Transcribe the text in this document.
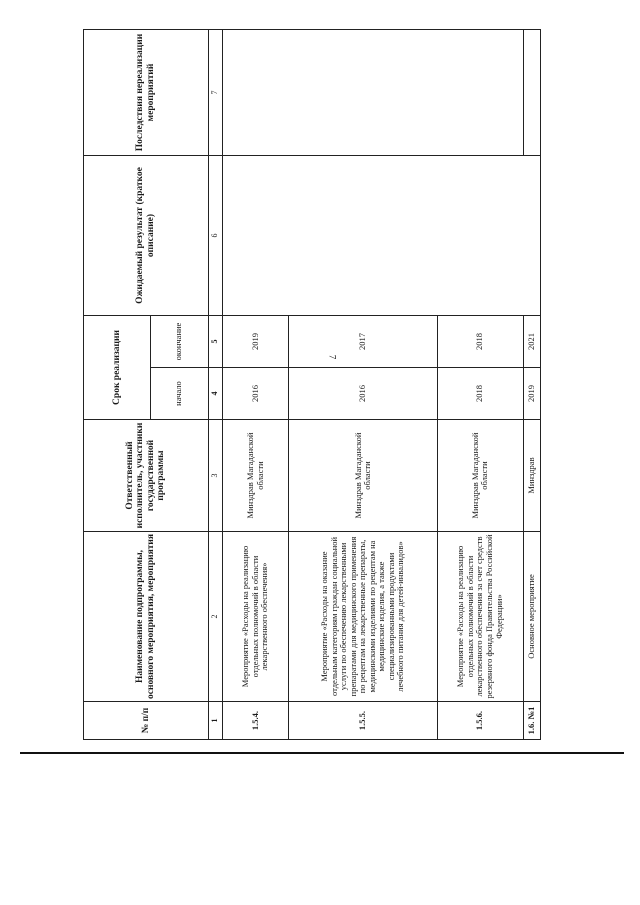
7
№ п/п	Наименование подпрограммы, основного мероприятия, мероприятия	Ответственный исполнитель, участники государственной программы	Срок реализации		Ожидаемый результат (краткое описание)	Последствия нереализации мероприятий
			начало	окончание		
1	2	3	4	5	6	7
1.5.4.	Мероприятие «Расходы на реализацию отдельных полномочий в области лекарственного обеспечения»	Минздрав Магаданской области	2016	2019		
1.5.5.	Мероприятие «Расходы на оказание отдельным категориям граждан социальной услуги по обеспечению лекарственными препаратами для медицинского применения по рецептам на лекарственные препараты, медицинскими изделиями по рецептам на медицинские изделия, а также специализированными продуктами лечебного питания для детей-инвалидов»	Минздрав Магаданской области	2016	2017		
1.5.6.	Мероприятие «Расходы на реализацию отдельных полномочий в области лекарственного обеспечения за счет средств резервного фонда Правительства Российской Федерации»	Минздрав Магаданской области	2018	2018		
1.6. №1	Основное мероприятие	Минздрав	2019	2021		
